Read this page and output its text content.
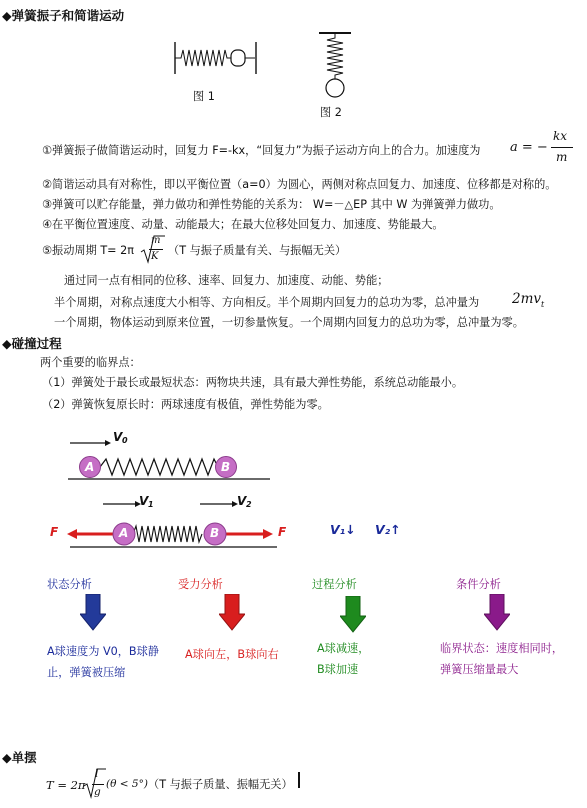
◆弹簧振子和简谐运动
图 1
图 2
①弹簧振子做简谐运动时，回复力 F=-kx，“回复力”为振子运动方向上的合力。加速度为 a = −
kx
m
②简谐运动具有对称性，即以平衡位置（a=0）为圆心，两侧对称点回复力、加速度、位移都是对称的。
③弹簧可以贮存能量，弹力做功和弹性势能的关系为： W=－△EP 其中 W 为弹簧弹力做功。
④在平衡位置速度、动量、动能最大；在最大位移处回复力、加速度、势能最大。
⑤振动周期 T= 2π
m
K （T 与振子质量有关、与振幅无关）
通过同一点有相同的位移、速率、回复力、加速度、动能、势能；
半个周期，对称点速度大小相等、方向相反。半个周期内回复力的总功为零，总冲量为 2mv t
一个周期，物体运动到原来位置，一切参量恢复。一个周期内回复力的总功为零，总冲量为零。
◆碰撞过程
两个重要的临界点：
（1）弹簧处于最长或最短状态：两物块共速，具有最大弹性势能，系统总动能最小。
（2）弹簧恢复原长时：两球速度有极值，弹性势能为零。
V 0
A	B
V 1	V 2
A	B
F	F	V₁↓ V₂↑
状态分析	受力分析	过程分析	条件分析
A球速度为 V0，B球静
止，弹簧被压缩
A球向左，B球向右	A球减速，
B球加速
临界状态：速度相同时，
弹簧压缩量最大
◆单摆
T = 2π
l
g
(θ < 5°) （T 与振子质量、振幅无关）
